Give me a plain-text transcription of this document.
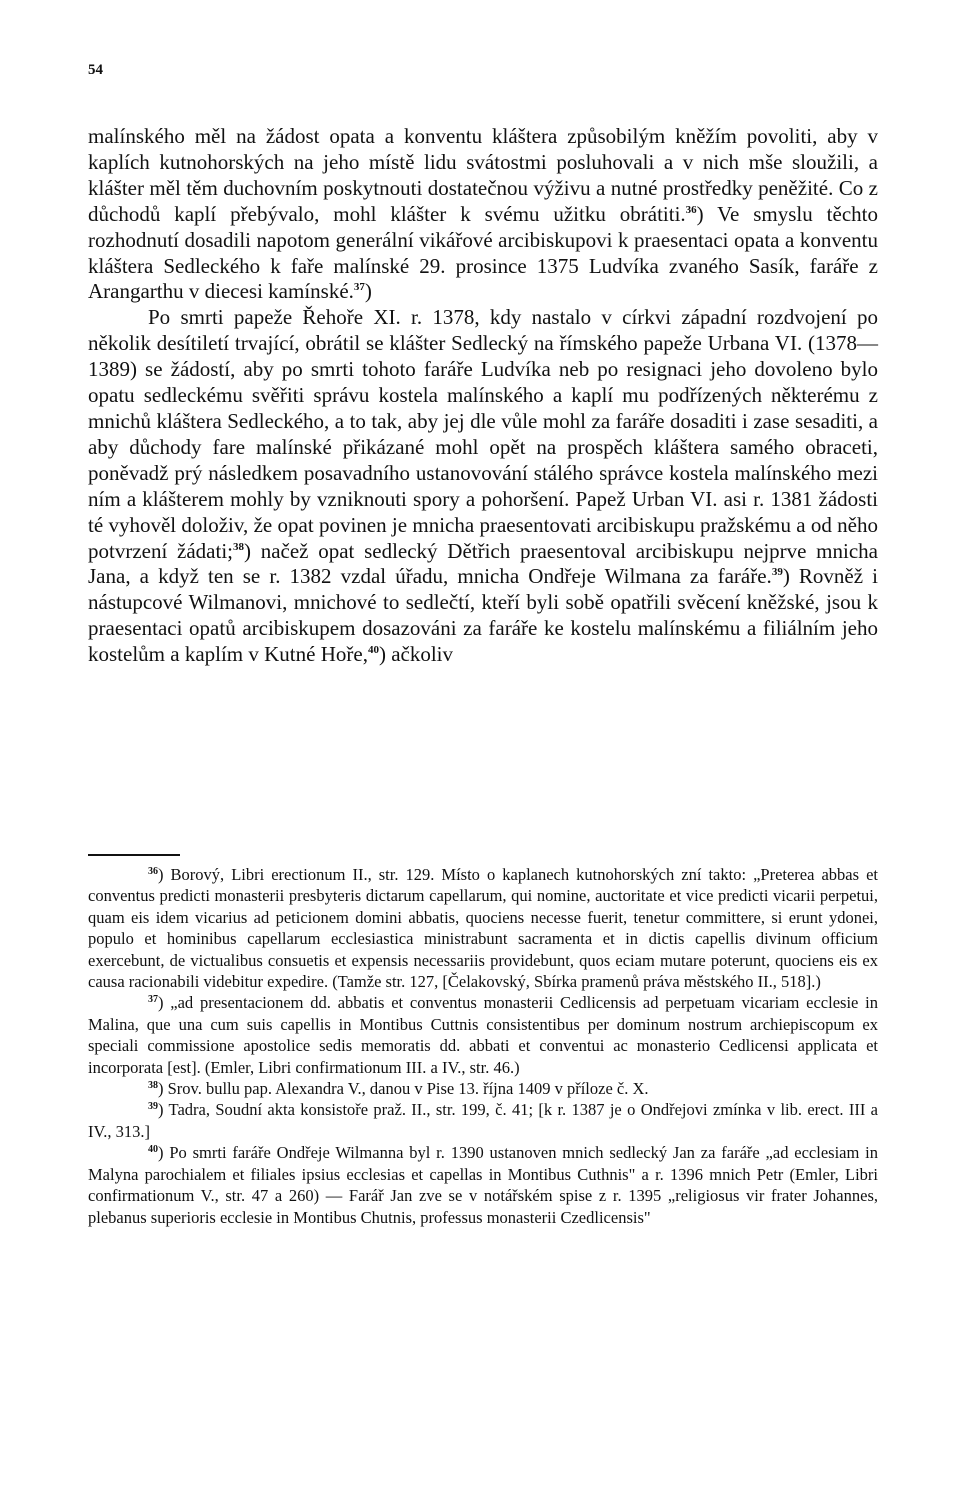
54

malínského měl na žádost opata a konventu kláštera způsobilým kněžím povoliti, aby v kaplích kutnohorských na jeho místě lidu svátostmi posluhovali a v nich mše sloužili, a klášter měl těm duchovním poskytnouti dostatečnou výživu a nutné prostředky peněžité. Co z důchodů kaplí přebývalo, mohl klášter k svému užitku obrátiti.$^{36}$) Ve smyslu těchto rozhodnutí dosadili napotom generální vikářové arcibiskupovi k praesentaci opata a konventu kláštera Sedleckého k faře malínské 29. prosince 1375 Ludvíka zvaného Sasík, faráře z Arangarthu v diecesi kamínské.$^{37}$)

Po smrti papeže Řehoře XI. r. 1378, kdy nastalo v církvi západní rozdvojení po několik desítiletí trvající, obrátil se klášter Sedlecký na římského papeže Urbana VI. (1378—1389) se žádostí, aby po smrti tohoto faráře Ludvíka neb po resignaci jeho dovoleno bylo opatu sedleckému svěřiti správu kostela malínského a kaplí mu podřízených některému z mnichů kláštera Sedleckého, a to tak, aby jej dle vůle mohl za faráře dosaditi i zase sesaditi, a aby důchody fare malínské přikázané mohl opět na prospěch kláštera samého obraceti, poněvadž prý následkem posavadního ustanovování stálého správce kostela malínského mezi ním a klášterem mohly by vzniknouti spory a pohoršení. Papež Urban VI. asi r. 1381 žádosti té vyhověl doloživ, že opat povinen je mnicha praesentovati arcibiskupu pražskému a od něho potvrzení žádati;$^{38}$) načež opat sedlecký Dětřich praesentoval arcibiskupu nejprve mnicha Jana, a když ten se r. 1382 vzdal úřadu, mnicha Ondřeje Wilmana za faráře.$^{39}$) Rovněž i nástupcové Wilmanovi, mnichové to sedlečtí, kteří byli sobě opatřili svěcení kněžské, jsou k praesentaci opatů arcibiskupem dosazováni za faráře ke kostelu malínskému a filiálním jeho kostelům a kaplím v Kutné Hoře,$^{40}$) ačkoliv

$^{36}$) Borový, Libri erectionum II., str. 129. Místo o kaplanech kutnohorských zní takto: „Preterea abbas et conventus predicti monasterii presbyteris dictarum capellarum, qui nomine, auctoritate et vice predicti vicarii perpetui, quam eis idem vicarius ad peticionem domini abbatis, quociens necesse fuerit, tenetur committere, si erunt ydonei, populo et hominibus capellarum ecclesiastica ministrabunt sacramenta et in dictis capellis divinum officium exercebunt, de victualibus consuetis et expensis necessariis providebunt, quos eciam mutare poterunt, quociens eis ex causa racionabili videbitur expedire. (Tamže str. 127, [Čelakovský, Sbírka pramenů práva městského II., 518].)

$^{37}$) „ad presentacionem dd. abbatis et conventus monasterii Cedlicensis ad perpetuam vicariam ecclesie in Malina, que una cum suis capellis in Montibus Cuttnis consistentibus per dominum nostrum archiepiscopum ex speciali commissione apostolice sedis memoratis dd. abbati et conventui ac monasterio Cedlicensi applicata et incorporata [est]. (Emler, Libri confirmationum III. a IV., str. 46.)

$^{38}$) Srov. bullu pap. Alexandra V., danou v Pise 13. října 1409 v příloze č. X.

$^{39}$) Tadra, Soudní akta konsistoře praž. II., str. 199, č. 41; [k r. 1387 je o Ondřejovi zmínka v lib. erect. III a IV., 313.]

$^{40}$) Po smrti faráře Ondřeje Wilmanna byl r. 1390 ustanoven mnich sedlecký Jan za faráře „ad ecclesiam in Malyna parochialem et filiales ipsius ecclesias et capellas in Montibus Cuthnis" a r. 1396 mnich Petr (Emler, Libri confirmationum V., str. 47 a 260) — Farář Jan zve se v notářském spise z r. 1395 „religiosus vir frater Johannes, plebanus superioris ecclesie in Montibus Chutnis, professus monasterii Czedlicensis"
